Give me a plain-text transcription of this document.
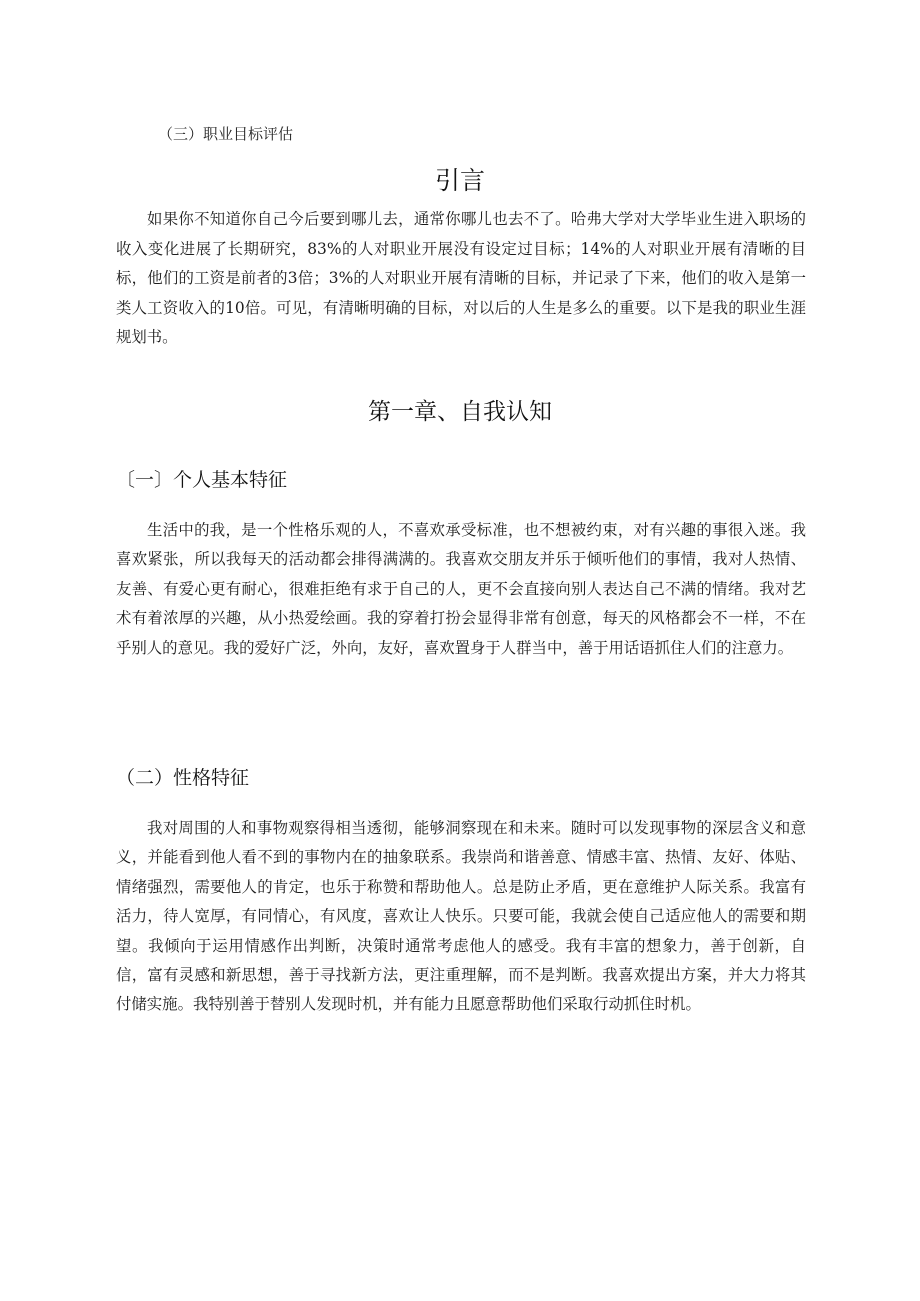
（三）职业目标评估
引言

如果你不知道你自己今后要到哪儿去，通常你哪儿也去不了。哈弗大学对大学毕业生进入职场的收入变化进展了长期研究，83%的人对职业开展没有设定过目标；14%的人对职业开展有清晰的目标，他们的工资是前者的3倍；3%的人对职业开展有清晰的目标，并记录了下来，他们的收入是第一类人工资收入的10倍。可见，有清晰明确的目标，对以后的人生是多么的重要。以下是我的职业生涯规划书。

第一章、自我认知
〔一〕个人基本特征

生活中的我，是一个性格乐观的人，不喜欢承受标准，也不想被约束，对有兴趣的事很入迷。我喜欢紧张，所以我每天的活动都会排得满满的。我喜欢交朋友并乐于倾听他们的事情，我对人热情、友善、有爱心更有耐心，很难拒绝有求于自己的人，更不会直接向别人表达自己不满的情绪。我对艺术有着浓厚的兴趣，从小热爱绘画。我的穿着打扮会显得非常有创意，每天的风格都会不一样，不在乎别人的意见。我的爱好广泛，外向，友好，喜欢置身于人群当中，善于用话语抓住人们的注意力。

（二）性格特征

我对周围的人和事物观察得相当透彻，能够洞察现在和未来。随时可以发现事物的深层含义和意义，并能看到他人看不到的事物内在的抽象联系。我崇尚和谐善意、情感丰富、热情、友好、体贴、情绪强烈，需要他人的肯定，也乐于称赞和帮助他人。总是防止矛盾，更在意维护人际关系。我富有活力，待人宽厚，有同情心，有风度，喜欢让人快乐。只要可能，我就会使自己适应他人的需要和期望。我倾向于运用情感作出判断，决策时通常考虑他人的感受。我有丰富的想象力，善于创新，自信，富有灵感和新思想，善于寻找新方法，更注重理解，而不是判断。我喜欢提出方案，并大力将其付储实施。我特别善于替别人发现时机，并有能力且愿意帮助他们采取行动抓住时机。
